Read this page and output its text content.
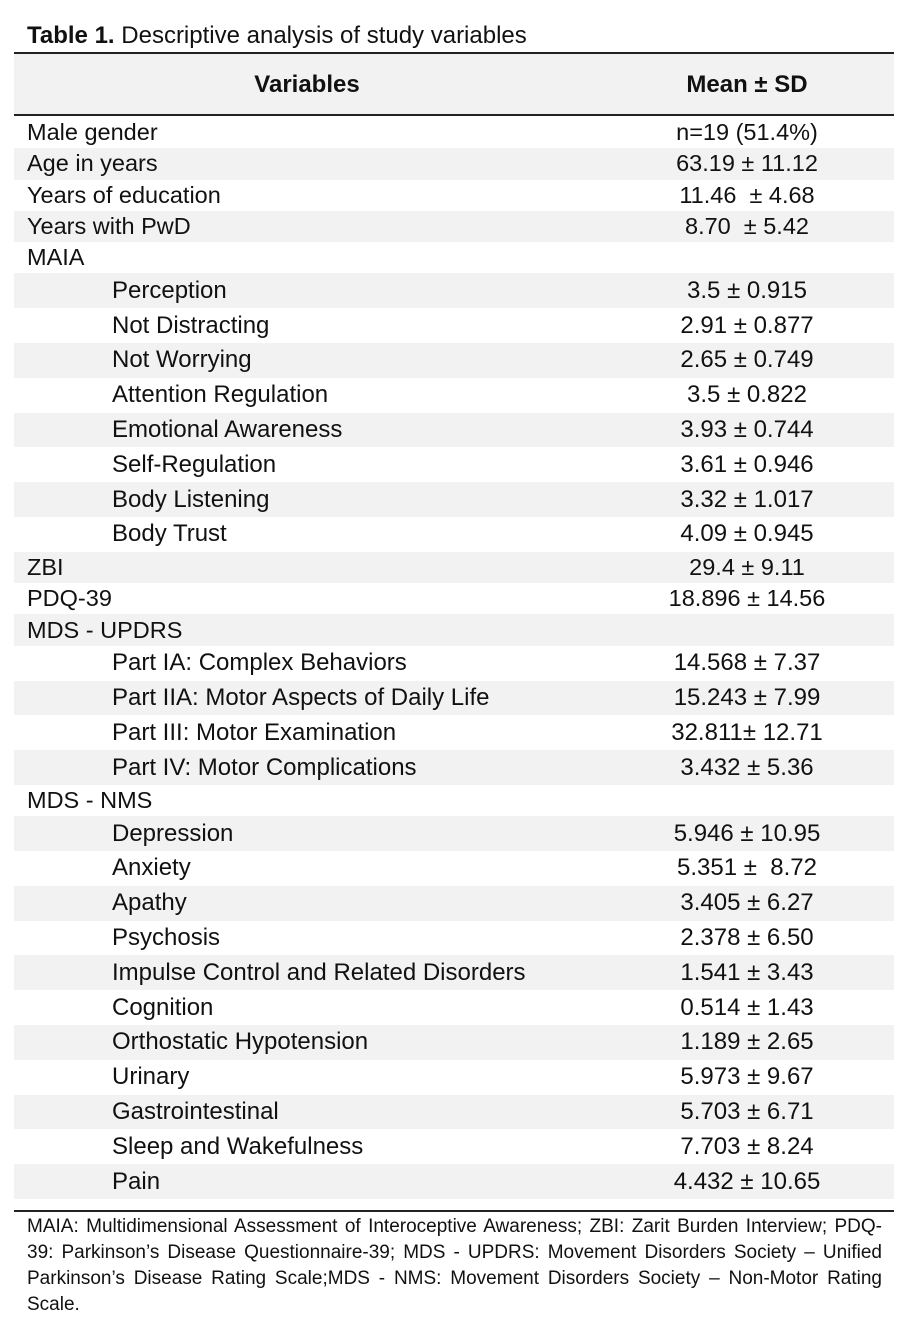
Table 1. Descriptive analysis of study variables
Variables	Mean ± SD
Male gender	n=19 (51.4%)
Age in years	63.19 ± 11.12
Years of education	11.46  ± 4.68
Years with PwD	8.70  ± 5.42
MAIA
Perception	3.5 ± 0.915
Not Distracting	2.91 ± 0.877
Not Worrying	2.65 ± 0.749
Attention Regulation	3.5 ± 0.822
Emotional Awareness	3.93 ± 0.744
Self-Regulation	3.61 ± 0.946
Body Listening	3.32 ± 1.017
Body Trust	4.09 ± 0.945
ZBI	29.4 ± 9.11
PDQ-39	18.896 ± 14.56
MDS - UPDRS
Part IA: Complex Behaviors	14.568 ± 7.37
Part IIA: Motor Aspects of Daily Life	15.243 ± 7.99
Part III: Motor Examination	32.811± 12.71
Part IV: Motor Complications	3.432 ± 5.36
MDS - NMS
Depression	5.946 ± 10.95
Anxiety	5.351 ±  8.72
Apathy	3.405 ± 6.27
Psychosis	2.378 ± 6.50
Impulse Control and Related Disorders	1.541 ± 3.43
Cognition	0.514 ± 1.43
Orthostatic Hypotension	1.189 ± 2.65
Urinary	5.973 ± 9.67
Gastrointestinal	5.703 ± 6.71
Sleep and Wakefulness	7.703 ± 8.24
Pain	4.432 ± 10.65
MAIA: Multidimensional Assessment of Interoceptive Awareness; ZBI: Zarit Burden Interview; PDQ-39: Parkinson’s Disease Questionnaire-39; MDS - UPDRS: Movement Disorders Society – Unified Parkinson’s Disease Rating Scale;MDS - NMS: Movement Disorders Society – Non-Motor Rating Scale.
